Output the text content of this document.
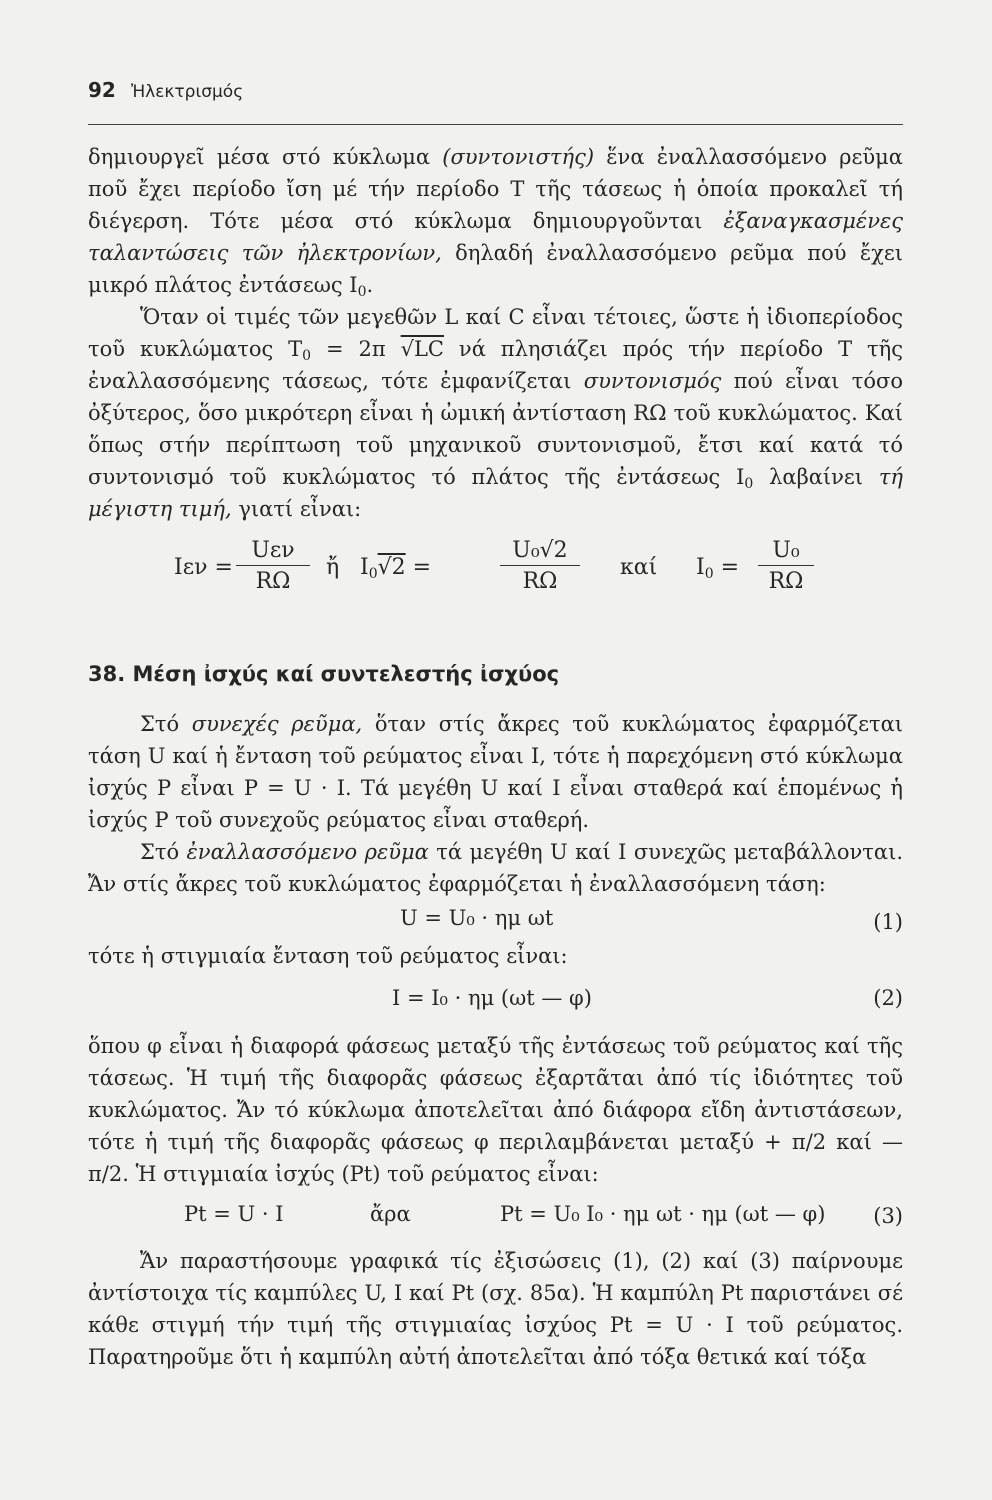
92 Ἠλεκτρισμός

δημιουργεῖ μέσα στό κύκλωμα (συντονιστής) ἕνα ἐναλλασσόμενο ρεῦμα ποῦ ἔχει περίοδο ἴση μέ τήν περίοδο Τ τῆς τάσεως ἡ ὁποία προκαλεῖ τή διέγερση. Τότε μέσα στό κύκλωμα δημιουργοῦνται ἐξαναγκασμένες ταλαντώσεις τῶν ἠλεκτρονίων, δηλαδή ἐναλλασσόμενο ρεῦμα πού ἔχει μικρό πλάτος ἐντάσεως $I_0$.

Ὅταν οἱ τιμές τῶν μεγεθῶν L καί C εἶναι τέτοιες, ὥστε ἡ ἰδιοπερίοδος τοῦ κυκλώματος $T_0 = 2\pi$ √LC νά πλησιάζει πρός τήν περίοδο Τ τῆς ἐναλλασσόμενης τάσεως, τότε ἐμφανίζεται συντονισμός πού εἶναι τόσο ὀξύτερος, ὅσο μικρότερη εἶναι ἡ ὠμική ἀντίσταση RΩ τοῦ κυκλώματος. Καί ὅπως στήν περίπτωση τοῦ μηχανικοῦ συντονισμοῦ, ἔτσι καί κατά τό συντονισμό τοῦ κυκλώματος τό πλάτος τῆς ἐντάσεως $I_0$ λαβαίνει τή μέγιστη τιμή, γιατί εἶναι:

Iεν =
Uεν
RΩ
ἤ $I_0√2$ =	$\frac{\text{U₀√2}}{R\Omega}$ καί $I_0 = \frac{\text{U₀}}{R\Omega}$
38. Μέση ἰσχύς καί συντελεστής ἰσχύος

Στό συνεχές ρεῦμα, ὅταν στίς ἄκρες τοῦ κυκλώματος ἐφαρμόζεται τάση U καί ἡ ἔνταση τοῦ ρεύματος εἶναι I, τότε ἡ παρεχόμενη στό κύκλωμα ἰσχύς P εἶναι P = U · I. Τά μεγέθη U καί I εἶναι σταθερά καί ἑπομένως ἡ ἰσχύς P τοῦ συνεχοῦς ρεύματος εἶναι σταθερή.

Στό ἐναλλασσόμενο ρεῦμα τά μεγέθη U καί I συνεχῶς μεταβάλλονται. Ἄν στίς ἄκρες τοῦ κυκλώματος ἐφαρμόζεται ἡ ἐναλλασσόμενη τάση:

U = U₀ · ημ ωt	(1)
τότε ἡ στιγμιαία ἔνταση τοῦ ρεύματος εἶναι:
I = I₀ · ημ (ωt — φ)	(2)
ὅπου φ εἶναι ἡ διαφορά φάσεως μεταξύ τῆς ἐντάσεως τοῦ ρεύματος καί τῆς τάσεως. Ἡ τιμή τῆς διαφορᾶς φάσεως ἐξαρτᾶται ἀπό τίς ἰδιότητες τοῦ κυκλώματος. Ἄν τό κύκλωμα ἀποτελεῖται ἀπό διάφορα εἴδη ἀντιστάσεων, τότε ἡ τιμή τῆς διαφορᾶς φάσεως φ περιλαμβάνεται μεταξύ + π/2 καί — π/2. Ἡ στιγμιαία ἰσχύς (Pt) τοῦ ρεύματος εἶναι:
Pt = U · I	ἄρα	Pt = U₀ I₀ · ημ ωt · ημ (ωt — φ) (3)

Ἄν παραστήσουμε γραφικά τίς ἐξισώσεις (1), (2) καί (3) παίρνουμε ἀντίστοιχα τίς καμπύλες U, I καί Pt (σχ. 85α). Ἡ καμπύλη Pt παριστάνει σέ κάθε στιγμή τήν τιμή τῆς στιγμιαίας ἰσχύος Pt = U · I τοῦ ρεύματος. Παρατηροῦμε ὅτι ἡ καμπύλη αὐτή ἀποτελεῖται ἀπό τόξα θετικά καί τόξα
